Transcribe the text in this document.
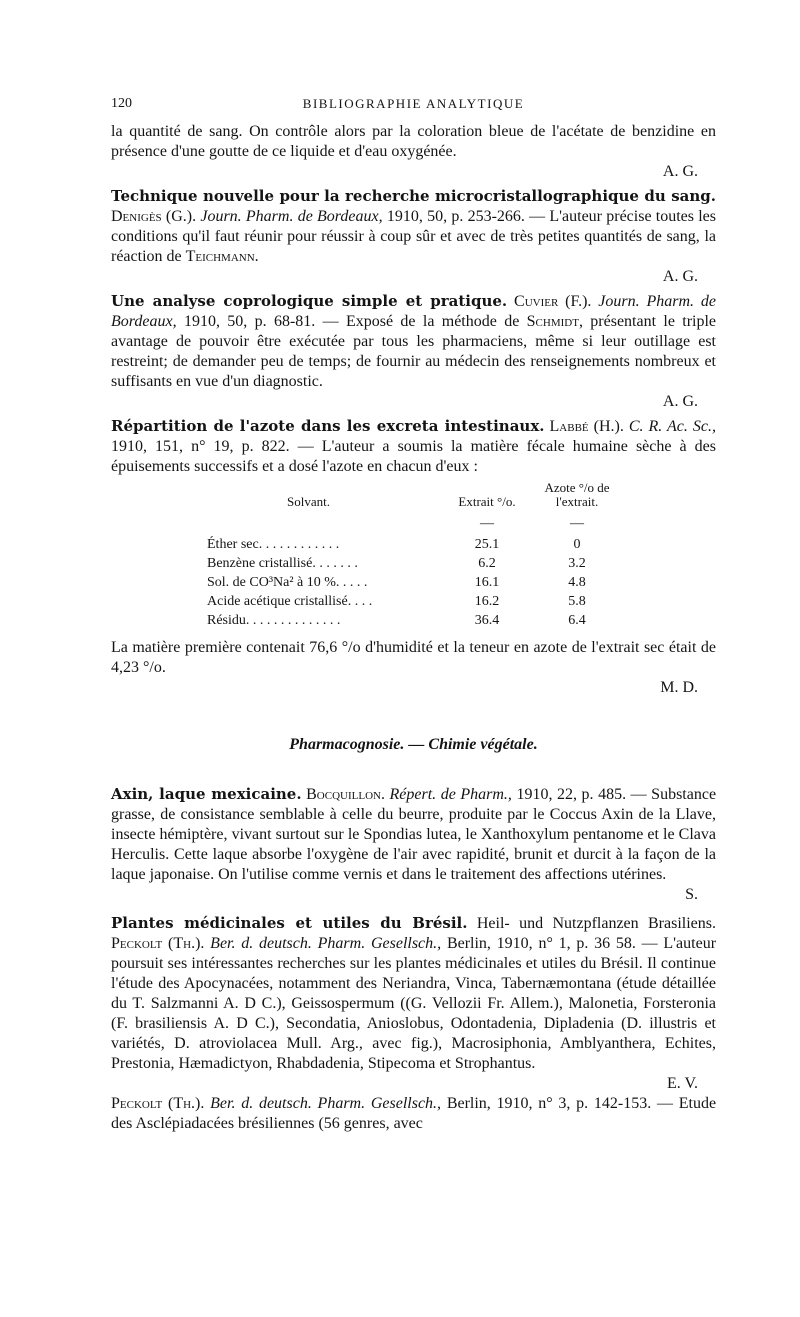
120	BIBLIOGRAPHIE ANALYTIQUE

la quantité de sang. On contrôle alors par la coloration bleue de l'acétate de benzidine en présence d'une goutte de ce liquide et d'eau oxygénée.

A. G.

Technique nouvelle pour la recherche microcristallographique du sang. Denigès (G.). Journ. Pharm. de Bordeaux, 1910, 50, p. 253-266. — L'auteur précise toutes les conditions qu'il faut réunir pour réussir à coup sûr et avec de très petites quantités de sang, la réaction de Teichmann.

A. G.

Une analyse coprologique simple et pratique. Cuvier (F.). Journ. Pharm. de Bordeaux, 1910, 50, p. 68-81. — Exposé de la méthode de Schmidt, présentant le triple avantage de pouvoir être exécutée par tous les pharmaciens, même si leur outillage est restreint; de demander peu de temps; de fournir au médecin des renseignements nombreux et suffisants en vue d'un diagnostic.

A. G.

Répartition de l'azote dans les excreta intestinaux. Labbé (H.). C. R. Ac. Sc., 1910, 151, n° 19, p. 822. — L'auteur a soumis la matière fécale humaine sèche à des épuisements successifs et a dosé l'azote en chacun d'eux :

Solvant.	Extrait °/o.	Azote °/o de l'extrait.
	—	—
Éther sec. . . . . . . . . . . .	25.1	0
Benzène cristallisé. . . . . . .	6.2	3.2
Sol. de CO³Na² à 10 %. . . . .	16.1	4.8
Acide acétique cristallisé. . . .	16.2	5.8
Résidu. . . . . . . . . . . . . .	36.4	6.4

La matière première contenait 76,6 °/o d'humidité et la teneur en azote de l'extrait sec était de 4,23 °/o.

M. D.
Pharmacognosie. — Chimie végétale.

Axin, laque mexicaine. Bocquillon. Répert. de Pharm., 1910, 22, p. 485. — Substance grasse, de consistance semblable à celle du beurre, produite par le Coccus Axin de la Llave, insecte hémiptère, vivant surtout sur le Spondias lutea, le Xanthoxylum pentanome et le Clava Herculis. Cette laque absorbe l'oxygène de l'air avec rapidité, brunit et durcit à la façon de la laque japonaise. On l'utilise comme vernis et dans le traitement des affections utérines.

S.

Plantes médicinales et utiles du Brésil. Heil- und Nutzpflanzen Brasiliens. Peckolt (Th.). Ber. d. deutsch. Pharm. Gesellsch., Berlin, 1910, n° 1, p. 36 58. — L'auteur poursuit ses intéressantes recherches sur les plantes médicinales et utiles du Brésil. Il continue l'étude des Apocynacées, notamment des Neriandra, Vinca, Tabernæmontana (étude détaillée du T. Salzmanni A. D C.), Geissospermum ((G. Vellozii Fr. Allem.), Malonetia, Forsteronia (F. brasiliensis A. D C.), Secondatia, Anioslobus, Odontadenia, Dipladenia (D. illustris et variétés, D. atroviolacea Mull. Arg., avec fig.), Macrosiphonia, Amblyanthera, Echites, Prestonia, Hæmadictyon, Rhabdadenia, Stipecoma et Strophantus.

E. V.

Peckolt (Th.). Ber. d. deutsch. Pharm. Gesellsch., Berlin, 1910, n° 3, p. 142-153. — Etude des Asclépiadacées brésiliennes (56 genres, avec
